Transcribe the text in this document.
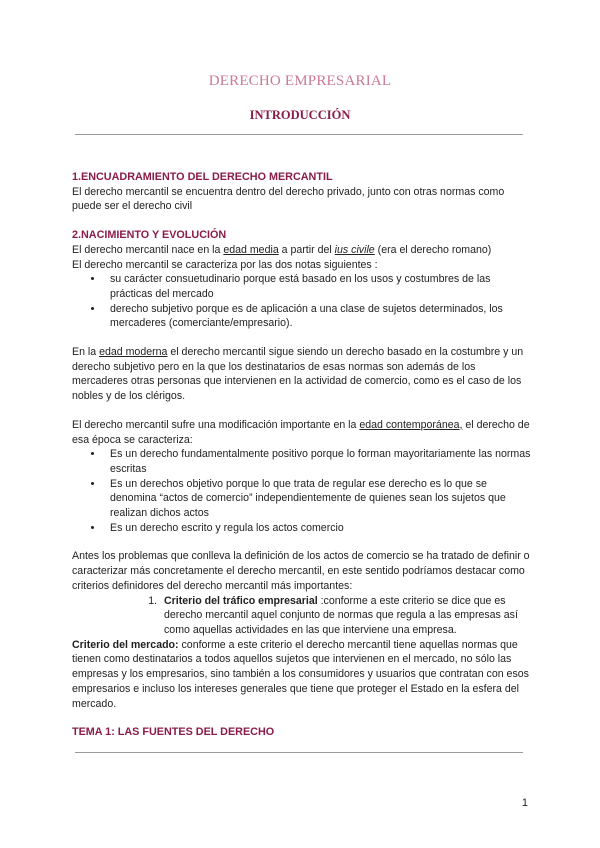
DERECHO EMPRESARIAL
INTRODUCCIÓN

1.ENCUADRAMIENTO DEL DERECHO MERCANTIL

El derecho mercantil se encuentra dentro del derecho privado, junto con otras normas como puede ser el derecho civil

2.NACIMIENTO Y EVOLUCIÓN

El derecho mercantil nace en la edad media a partir del ius civile (era el derecho romano)

El derecho mercantil se caracteriza por las dos notas siguientes :

• su carácter consuetudinario porque está basado en los usos y costumbres de las prácticas del mercado
• derecho subjetivo porque es de aplicación a una clase de sujetos determinados, los mercaderes (comerciante/empresario).

En la edad moderna el derecho mercantil sigue siendo un derecho basado en la costumbre y un derecho subjetivo pero en la que los destinatarios de esas normas son además de los mercaderes otras personas que intervienen en la actividad de comercio, como es el caso de los nobles y de los clérigos.

El derecho mercantil sufre una modificación importante en la edad contemporánea, el derecho de esa época se caracteriza:

• Es un derecho fundamentalmente positivo porque lo forman mayoritariamente las normas escritas
• Es un derechos objetivo porque lo que trata de regular ese derecho es lo que se denomina “actos de comercio” independientemente de quienes sean los sujetos que realizan dichos actos
• Es un derecho escrito y regula los actos comercio

Antes los problemas que conlleva la definición de los actos de comercio se ha tratado de definir o caracterizar más concretamente el derecho mercantil, en este sentido podríamos destacar como criterios definidores del derecho mercantil más importantes:

1. Criterio del tráfico empresarial :conforme a este criterio se dice que es derecho mercantil aquel conjunto de normas que regula a las empresas así como aquellas actividades en las que interviene una empresa.

Criterio del mercado: conforme a este criterio el derecho mercantil tiene aquellas normas que tienen como destinatarios a todos aquellos sujetos que intervienen en el mercado, no sólo las empresas y los empresarios, sino también a los consumidores y usuarios que contratan con esos empresarios e incluso los intereses generales que tiene que proteger el Estado en la esfera del mercado.

TEMA 1: LAS FUENTES DEL DERECHO

1
